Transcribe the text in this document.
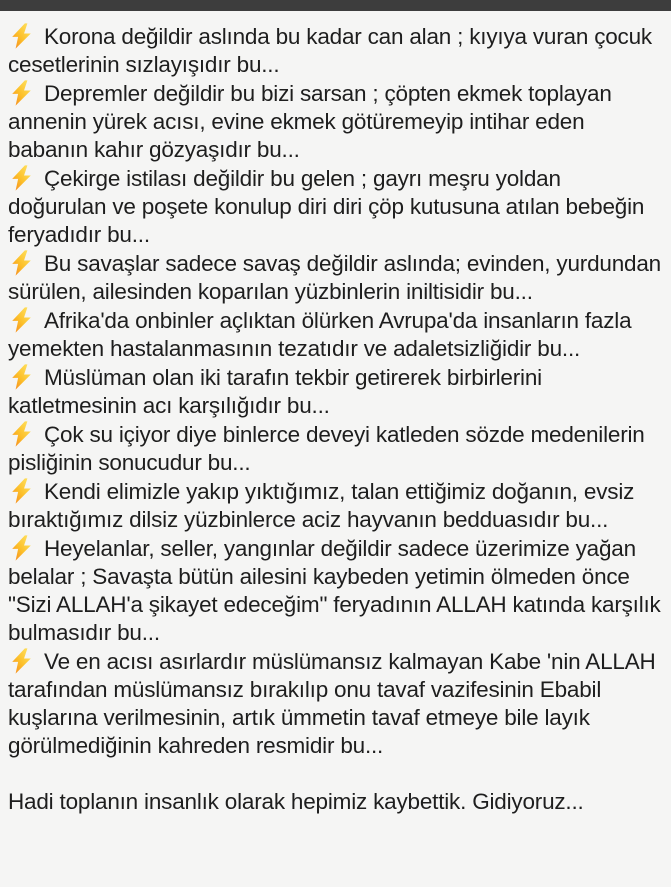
Korona değildir aslında bu kadar can alan ; kıyıya vuran çocuk cesetlerinin sızlayışıdır bu...

Depremler değildir bu bizi sarsan ; çöpten ekmek toplayan annenin yürek acısı, evine ekmek götüremeyip intihar eden babanın kahır gözyaşıdır bu...

Çekirge istilası değildir bu gelen ; gayrı meşru yoldan doğurulan ve poşete konulup diri diri çöp kutusuna atılan bebeğin feryadıdır bu...

Bu savaşlar sadece savaş değildir aslında; evinden, yurdundan sürülen, ailesinden koparılan yüzbinlerin iniltisidir bu...

Afrika'da onbinler açlıktan ölürken Avrupa'da insanların fazla yemekten hastalanmasının tezatıdır ve adaletsizliğidir bu...

Müslüman olan iki tarafın tekbir getirerek birbirlerini katletmesinin acı karşılığıdır bu...

Çok su içiyor diye binlerce deveyi katleden sözde medenilerin pisliğinin sonucudur bu...

Kendi elimizle yakıp yıktığımız, talan ettiğimiz doğanın, evsiz bıraktığımız dilsiz yüzbinlerce aciz hayvanın bedduasıdır bu...

Heyelanlar, seller, yangınlar değildir sadece üzerimize yağan belalar ; Savaşta bütün ailesini kaybeden yetimin ölmeden önce "Sizi ALLAH'a şikayet edeceğim" feryadının ALLAH katında karşılık bulmasıdır bu...

Ve en acısı asırlardır müslümansız kalmayan Kabe 'nin ALLAH tarafından müslümansız bırakılıp onu tavaf vazifesinin Ebabil kuşlarına verilmesinin, artık ümmetin tavaf etmeye bile layık görülmediğinin kahreden resmidir bu...

Hadi toplanın insanlık olarak hepimiz kaybettik. Gidiyoruz...
